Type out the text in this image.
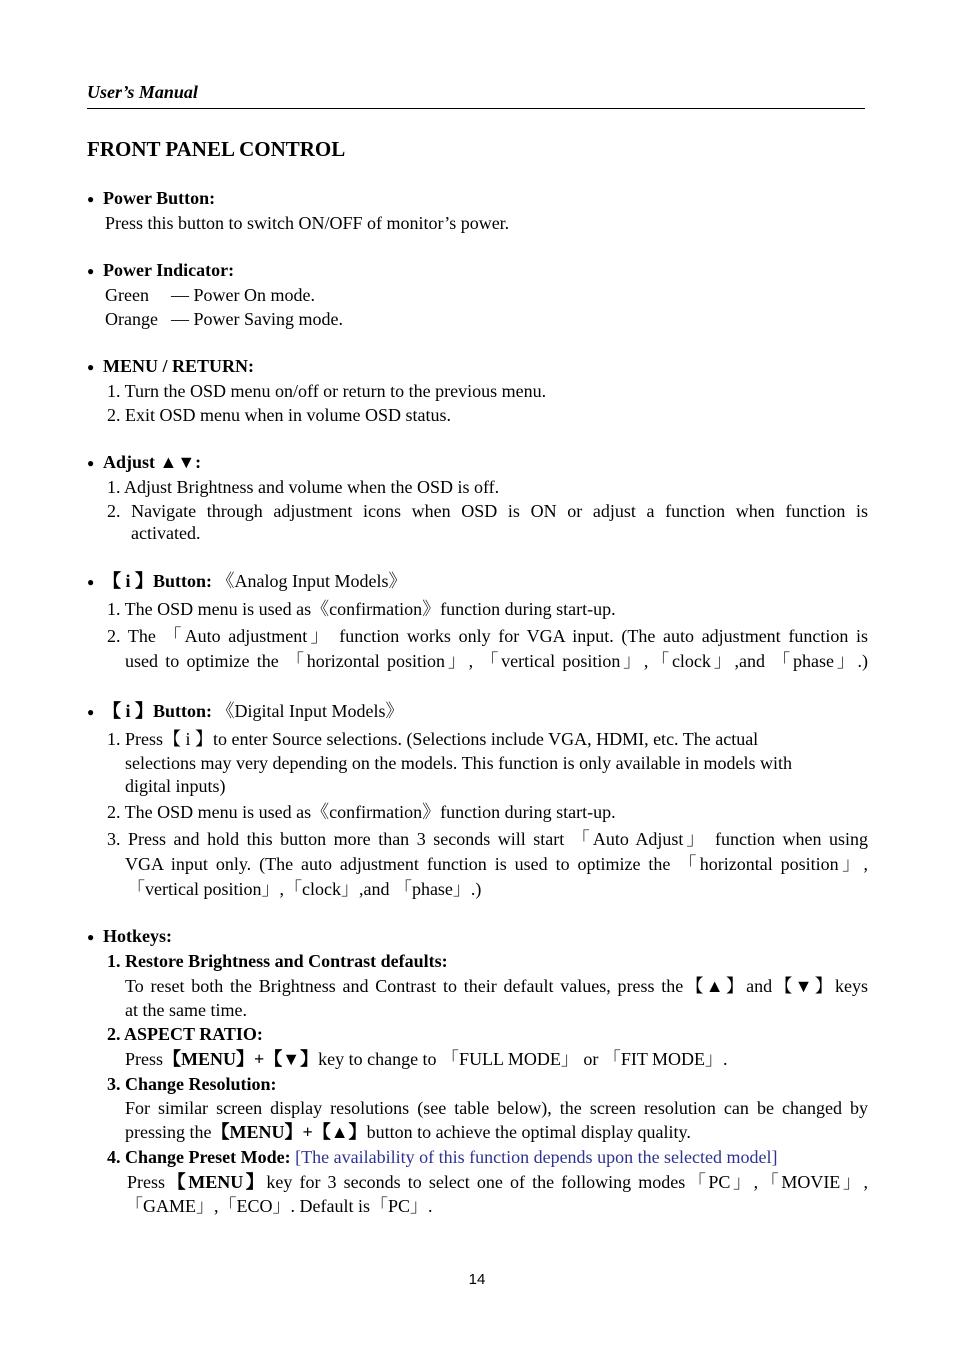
User’s Manual
FRONT PANEL CONTROL
● Power Button:
Press this button to switch ON/OFF of monitor’s power.
● Power Indicator:
Green — Power On mode.
Orange — Power Saving mode.
● MENU / RETURN:
1. Turn the OSD menu on/off or return to the previous menu.
2. Exit OSD menu when in volume OSD status.
● Adjust ▲▼:
1. Adjust Brightness and volume when the OSD is off.
2. Navigate through adjustment icons when OSD is ON or adjust a function when function is
activated.
● 【 i 】Button: 《Analog Input Models》
1. The OSD menu is used as《confirmation》function during start-up.
2. The 「Auto adjustment」 function works only for VGA input. (The auto adjustment function is
used to optimize the 「horizontal position」, 「vertical position」,「clock」,and 「phase」.)
● 【 i 】Button: 《Digital Input Models》
1. Press【 i 】to enter Source selections. (Selections include VGA, HDMI, etc. The actual
selections may very depending on the models. This function is only available in models with
digital inputs)
2. The OSD menu is used as《confirmation》function during start-up.
3. Press and hold this button more than 3 seconds will start 「Auto Adjust」 function when using
VGA input only. (The auto adjustment function is used to optimize the 「horizontal position」,
「vertical position」,「clock」,and 「phase」.)
● Hotkeys:
1. Restore Brightness and Contrast defaults:
To reset both the Brightness and Contrast to their default values, press the【▲】and【▼】keys
at the same time.
2. ASPECT RATIO:
Press【MENU】+【▼】key to change to 「FULL MODE」 or 「FIT MODE」.
3. Change Resolution:
For similar screen display resolutions (see table below), the screen resolution can be changed by
pressing the【MENU】+【▲】button to achieve the optimal display quality.
4. Change Preset Mode: [The availability of this function depends upon the selected model]
Press【MENU】key for 3 seconds to select one of the following modes「PC」,「MOVIE」,
「GAME」,「ECO」. Default is「PC」.
14
